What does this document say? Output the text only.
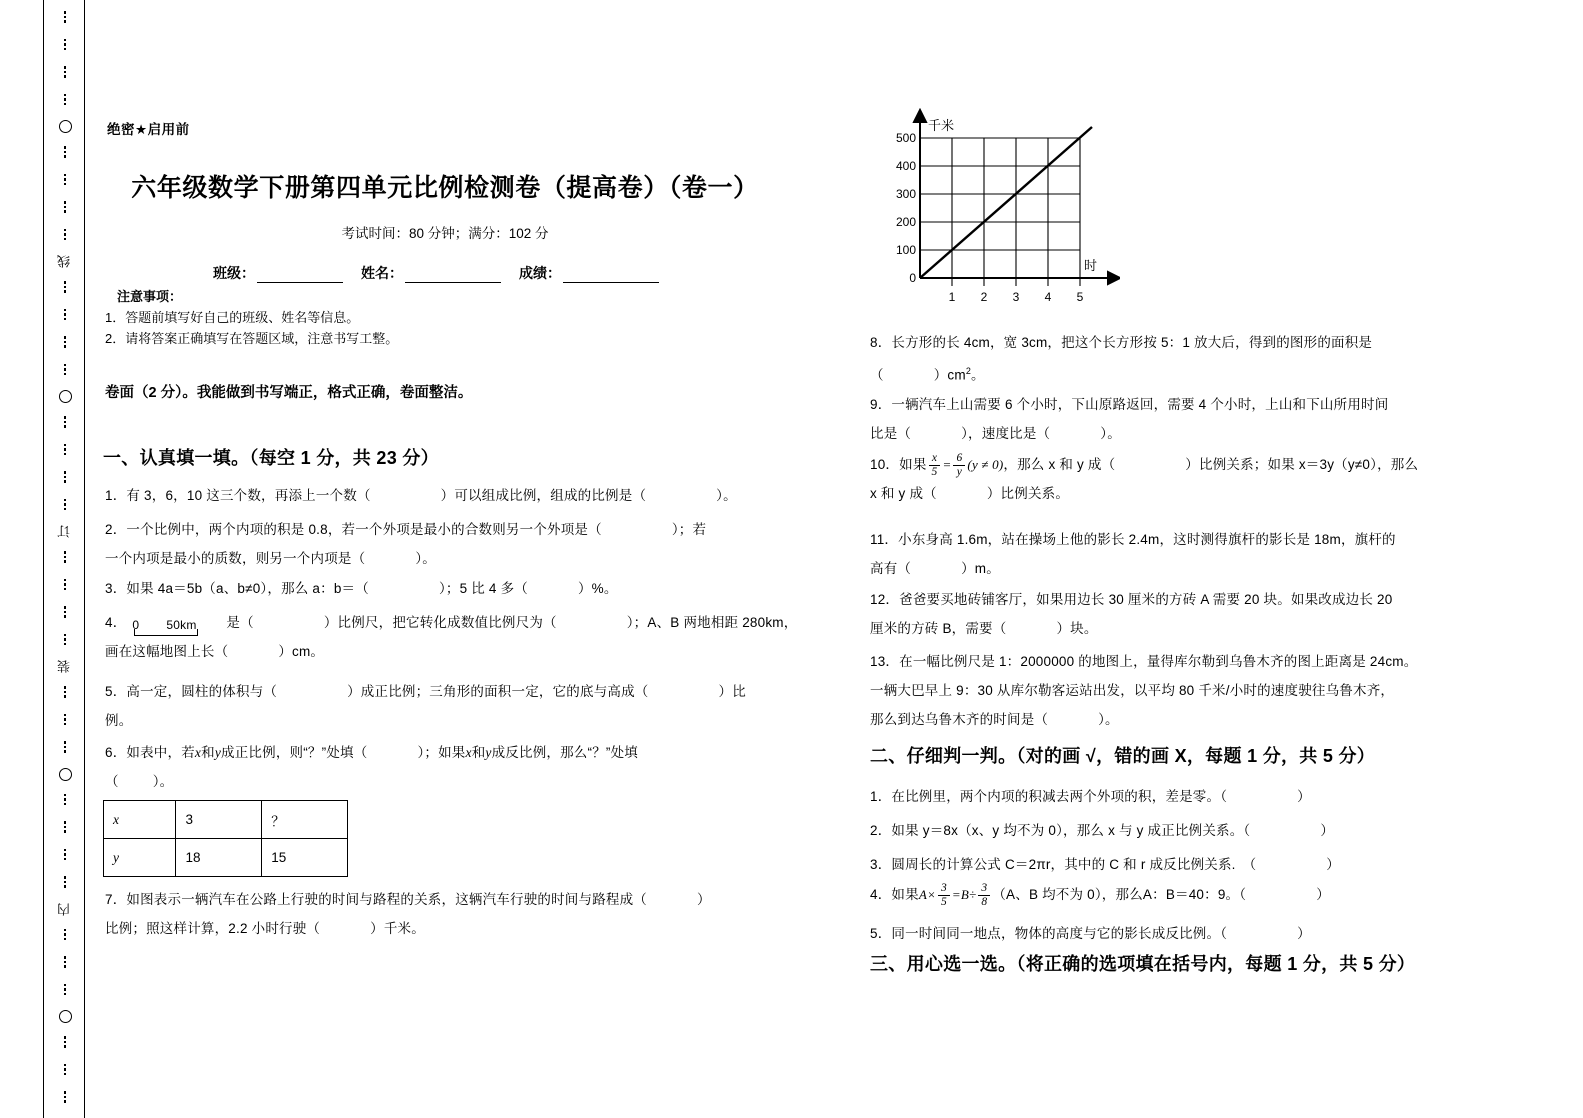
线
订
装
内
绝密★启用前
六年级数学下册第四单元比例检测卷（提高卷）（卷一）
考试时间：80 分钟；满分：102 分
班级：	姓名：	成绩：
注意事项：
1．答题前填写好自己的班级、姓名等信息。
2．请将答案正确填写在答题区域，注意书写工整。
卷面（2 分）。我能做到书写端正，格式正确，卷面整洁。
一、认真填一填。（每空 1 分，共 23 分）
1．有 3，6，10 这三个数，再添上一个数（	）可以组成比例，组成的比例是（	）。
2．一个比例中，两个内项的积是 0.8，若一个外项是最小的合数则另一个外项是（	）；若
一个内项是最小的质数，则另一个内项是（	）。
3．如果 4a＝5b（a、b≠0），那么 a：b＝（	）；5 比 4 多（	）%。
4． 0 50km 是（	）比例尺，把它转化成数值比例尺为（	）；A、B 两地相距 280km，
画在这幅地图上长（	）cm。
5．高一定，圆柱的体积与（	）成正比例；三角形的面积一定，它的底与高成（	）比
例。
6．如表中，若x和y成正比例，则“？”处填（	）；如果x和y成反比例，那么“？”处填
（	）。
x	3	？
y	18	15
7．如图表示一辆汽车在公路上行驶的时间与路程的关系，这辆汽车行驶的时间与路程成（	）
比例；照这样计算，2.2 小时行驶（	）千米。
0
100
200
300
400
500
1 2 3 4 5
千米
时
8．长方形的长 4cm，宽 3cm，把这个长方形按 5：1 放大后，得到的图形的面积是
（	）$cm^2$。
9．一辆汽车上山需要 6 个小时，下山原路返回，需要 4 个小时，上山和下山所用时间
比是（	），速度比是（	）。
10．如果 $\frac{x}{5} = \frac{6}{y} (y \ne 0)$，那么 x 和 y 成（	）比例关系；如果 x＝3y（y≠0），那么
x 和 y 成（	）比例关系。
11．小东身高 1.6m，站在操场上他的影长 2.4m，这时测得旗杆的影长是 18m，旗杆的
高有（	）m。
12．爸爸要买地砖铺客厅，如果用边长 30 厘米的方砖 A 需要 20 块。如果改成边长 20
厘米的方砖 B，需要（	）块。
13．在一幅比例尺是 1：2000000 的地图上，量得库尔勒到乌鲁木齐的图上距离是 24cm。
一辆大巴早上 9：30 从库尔勒客运站出发，以平均 80 千米/小时的速度驶往乌鲁木齐，
那么到达乌鲁木齐的时间是（	）。
二、仔细判一判。（对的画 √，错的画 X，每题 1 分，共 5 分）
1．在比例里，两个内项的积减去两个外项的积，差是零。（	）
2．如果 y＝8x（x、y 均不为 0），那么 x 与 y 成正比例关系。（	）
3．圆周长的计算公式 C＝2πr，其中的 C 和 r 成反比例关系.　（	）
4．如果$A\times \frac{3}{5} =B\div \frac{3}{8} (A$、B 均不为 0），那么A：B＝40：9。（	）
5．同一时间同一地点，物体的高度与它的影长成反比例。（	）
三、用心选一选。（将正确的选项填在括号内，每题 1 分，共 5 分）
